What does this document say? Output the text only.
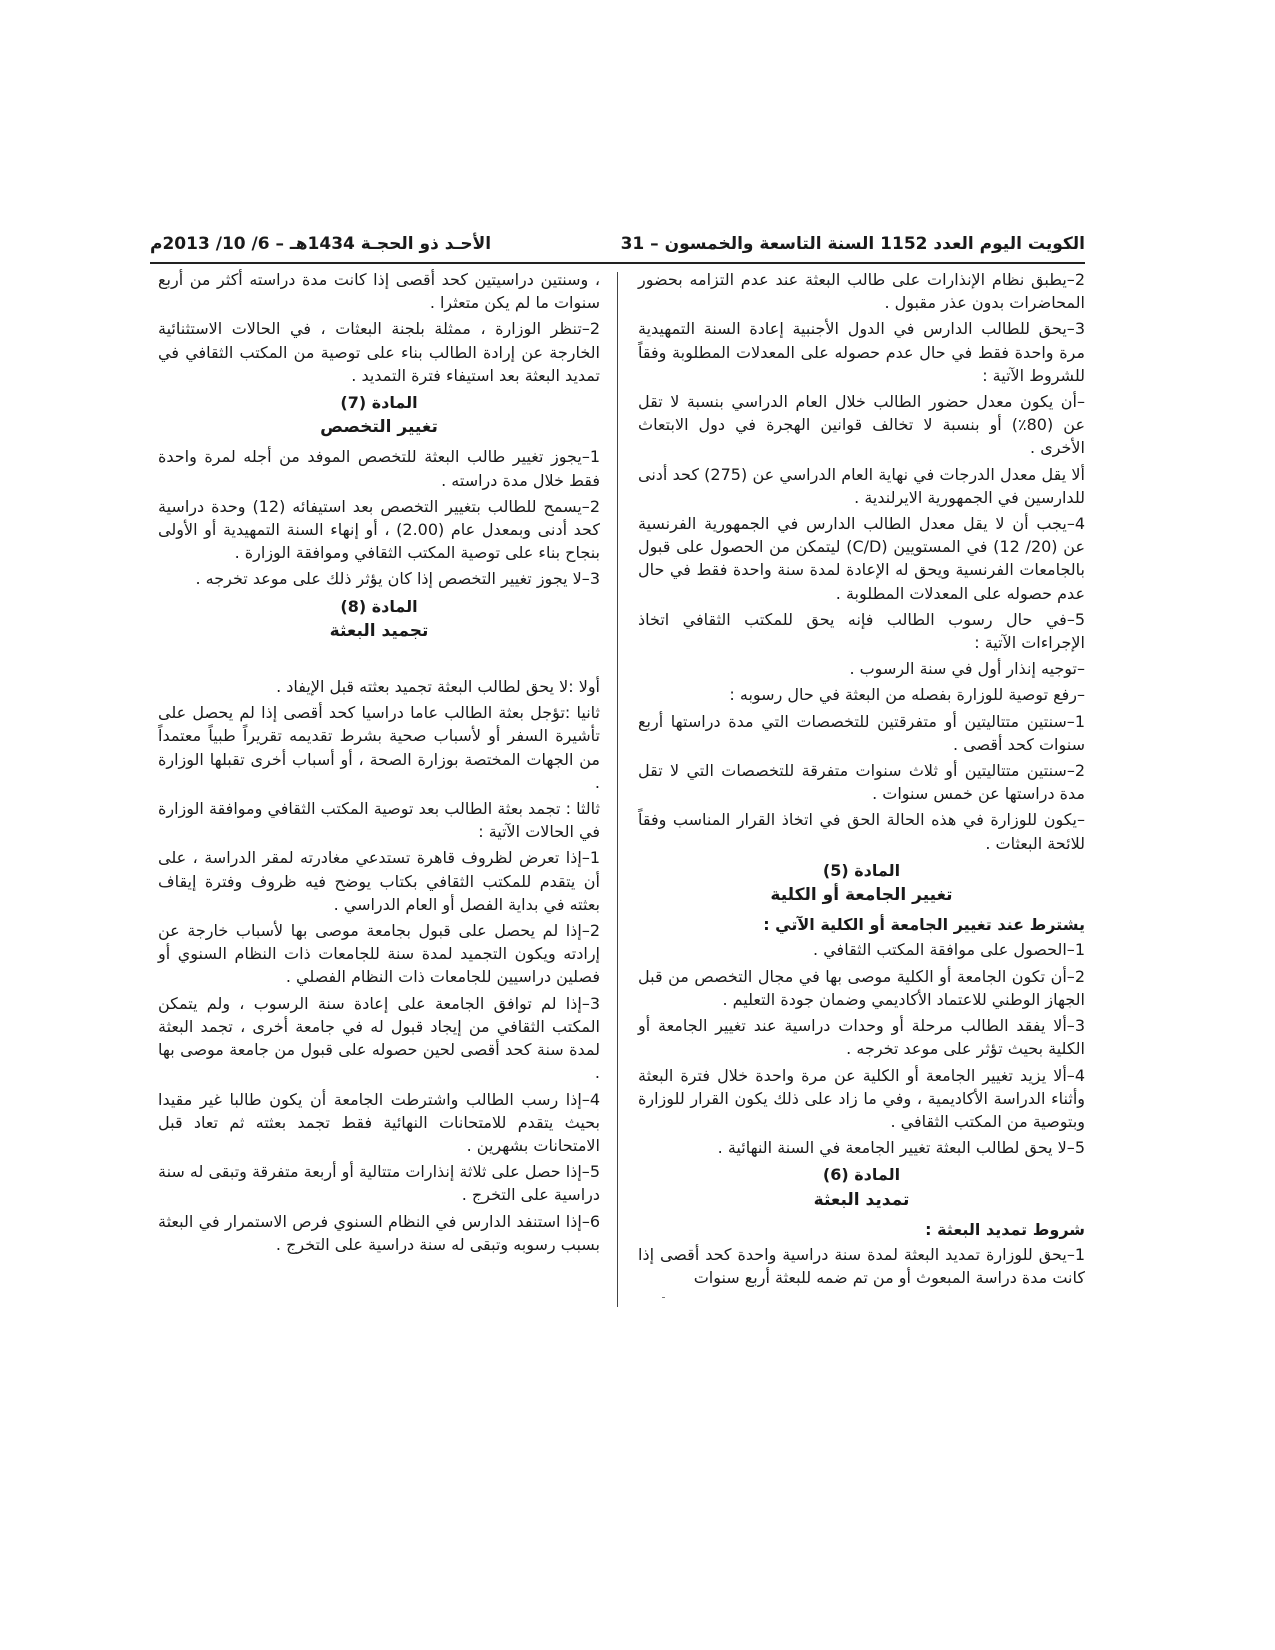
الكويت اليوم العدد 1152 السنة التاسعة والخمسون – 31
الأحـد ذو الحجـة 1434هـ – 6/ 10/ 2013م

2–يطبق نظام الإنذارات على طالب البعثة عند عدم التزامه بحضور المحاضرات بدون عذر مقبول .

3–يحق للطالب الدارس في الدول الأجنبية إعادة السنة التمهيدية مرة واحدة فقط في حال عدم حصوله على المعدلات المطلوبة وفقاً للشروط الآتية :

–أن يكون معدل حضور الطالب خلال العام الدراسي بنسبة لا تقل عن (80٪) أو بنسبة لا تخالف قوانين الهجرة في دول الابتعاث الأخرى .

ألا يقل معدل الدرجات في نهاية العام الدراسي عن (275) كحد أدنى للدارسين في الجمهورية الايرلندية .

4–يجب أن لا يقل معدل الطالب الدارس في الجمهورية الفرنسية عن (20/ 12) في المستويين (C/D) ليتمكن من الحصول على قبول بالجامعات الفرنسية ويحق له الإعادة لمدة سنة واحدة فقط في حال عدم حصوله على المعدلات المطلوبة .

5–في حال رسوب الطالب فإنه يحق للمكتب الثقافي اتخاذ الإجراءات الآتية :

–توجيه إنذار أول في سنة الرسوب .

–رفع توصية للوزارة بفصله من البعثة في حال رسوبه :

1–سنتين متتاليتين أو متفرقتين للتخصصات التي مدة دراستها أربع سنوات كحد أقصى .

2–سنتين متتاليتين أو ثلاث سنوات متفرقة للتخصصات التي لا تقل مدة دراستها عن خمس سنوات .

–يكون للوزارة في هذه الحالة الحق في اتخاذ القرار المناسب وفقاً للائحة البعثات .

المادة (5)

تغيير الجامعة أو الكلية

يشترط عند تغيير الجامعة أو الكلية الآتي :

1–الحصول على موافقة المكتب الثقافي .

2–أن تكون الجامعة أو الكلية موصى بها في مجال التخصص من قبل الجهاز الوطني للاعتماد الأكاديمي وضمان جودة التعليم .

3–ألا يفقد الطالب مرحلة أو وحدات دراسية عند تغيير الجامعة أو الكلية بحيث تؤثر على موعد تخرجه .

4–ألا يزيد تغيير الجامعة أو الكلية عن مرة واحدة خلال فترة البعثة وأثناء الدراسة الأكاديمية ، وفي ما زاد على ذلك يكون القرار للوزارة وبتوصية من المكتب الثقافي .

5–لا يحق لطالب البعثة تغيير الجامعة في السنة النهائية .

المادة (6)

تمديد البعثة

شروط تمديد البعثة :

1–يحق للوزارة تمديد البعثة لمدة سنة دراسية واحدة كحد أقصى إذا كانت مدة دراسة المبعوث أو من تم ضمه للبعثة أربع سنوات

، وسنتين دراسيتين كحد أقصى إذا كانت مدة دراسته أكثر من أربع سنوات ما لم يكن متعثرا .

2–تنظر الوزارة ، ممثلة بلجنة البعثات ، في الحالات الاستثنائية الخارجة عن إرادة الطالب بناء على توصية من المكتب الثقافي في تمديد البعثة بعد استيفاء فترة التمديد .

المادة (7)

تغيير التخصص

1–يجوز تغيير طالب البعثة للتخصص الموفد من أجله لمرة واحدة فقط خلال مدة دراسته .

2–يسمح للطالب بتغيير التخصص بعد استيفائه (12) وحدة دراسية كحد أدنى وبمعدل عام (2.00) ، أو إنهاء السنة التمهيدية أو الأولى بنجاح بناء على توصية المكتب الثقافي وموافقة الوزارة .

3–لا يجوز تغيير التخصص إذا كان يؤثر ذلك على موعد تخرجه .

المادة (8)

تجميد البعثة

أولا :لا يحق لطالب البعثة تجميد بعثته قبل الإيفاد .

ثانيا :تؤجل بعثة الطالب عاما دراسيا كحد أقصى إذا لم يحصل على تأشيرة السفر أو لأسباب صحية بشرط تقديمه تقريراً طبياً معتمداً من الجهات المختصة بوزارة الصحة ، أو أسباب أخرى تقبلها الوزارة .

ثالثا : تجمد بعثة الطالب بعد توصية المكتب الثقافي وموافقة الوزارة في الحالات الآتية :

1–إذا تعرض لظروف قاهرة تستدعي مغادرته لمقر الدراسة ، على أن يتقدم للمكتب الثقافي بكتاب يوضح فيه ظروف وفترة إيقاف بعثته في بداية الفصل أو العام الدراسي .

2–إذا لم يحصل على قبول بجامعة موصى بها لأسباب خارجة عن إرادته ويكون التجميد لمدة سنة للجامعات ذات النظام السنوي أو فصلين دراسيين للجامعات ذات النظام الفصلي .

3–إذا لم توافق الجامعة على إعادة سنة الرسوب ، ولم يتمكن المكتب الثقافي من إيجاد قبول له في جامعة أخرى ، تجمد البعثة لمدة سنة كحد أقصى لحين حصوله على قبول من جامعة موصى بها .

4–إذا رسب الطالب واشترطت الجامعة أن يكون طالبا غير مقيدا بحيث يتقدم للامتحانات النهائية فقط تجمد بعثته ثم تعاد قبل الامتحانات بشهرين .

5–إذا حصل على ثلاثة إنذارات متتالية أو أربعة متفرقة وتبقى له سنة دراسية على التخرج .

6–إذا استنفد الدارس في النظام السنوي فرص الاستمرار في البعثة بسبب رسوبه وتبقى له سنة دراسية على التخرج .
